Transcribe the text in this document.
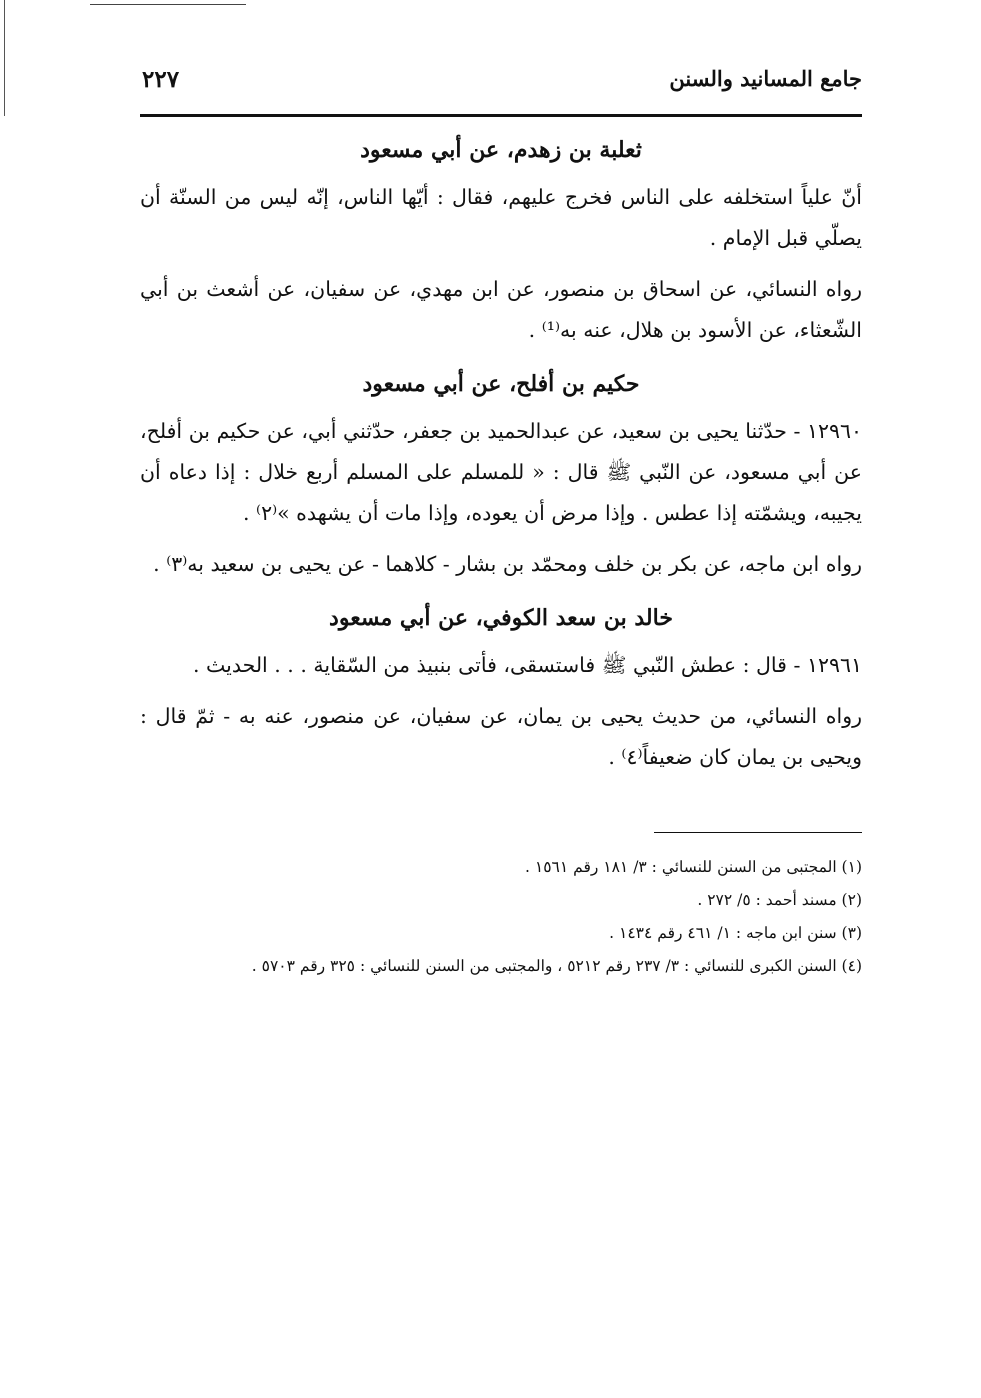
جامع المسانيد والسنن
٢٢٧
ثعلبة بن زهدم، عن أبي مسعود

أنّ علياً استخلفه على الناس فخرج عليهم، فقال : أيّها الناس، إنّه ليس من السنّة أن يصلّي قبل الإمام .

رواه النسائي، عن اسحاق بن منصور، عن ابن مهدي، عن سفيان، عن أشعث بن أبي الشّعثاء، عن الأسود بن هلال، عنه به⁽¹⁾ .

حكيم بن أفلح، عن أبي مسعود

١٢٩٦٠ - حدّثنا يحيى بن سعيد، عن عبدالحميد بن جعفر، حدّثني أبي، عن حكيم بن أفلح، عن أبي مسعود، عن النّبي ﷺ قال : « للمسلم على المسلم أربع خلال : إذا دعاه أن يجيبه، ويشمّته إذا عطس . وإذا مرض أن يعوده، وإذا مات أن يشهده »⁽٢⁾ .

رواه ابن ماجه، عن بكر بن خلف ومحمّد بن بشار - كلاهما - عن يحيى بن سعيد به⁽٣⁾ .

خالد بن سعد الكوفي، عن أبي مسعود

١٢٩٦١ - قال : عطش النّبي ﷺ فاستسقى، فأتى بنبيذ من السّقاية . . . الحديث .

رواه النسائي، من حديث يحيى بن يمان، عن سفيان، عن منصور، عنه به - ثمّ قال : ويحيى بن يمان كان ضعيفاً⁽٤⁾ .

(١) المجتبى من السنن للنسائي : ٣/ ١٨١ رقم ١٥٦١ .

(٢) مسند أحمد : ٥/ ٢٧٢ .

(٣) سنن ابن ماجه : ١/ ٤٦١ رقم ١٤٣٤ .

(٤) السنن الكبرى للنسائي : ٣/ ٢٣٧ رقم ٥٢١٢ ، والمجتبى من السنن للنسائي : ٣٢٥ رقم ٥٧٠٣ .
